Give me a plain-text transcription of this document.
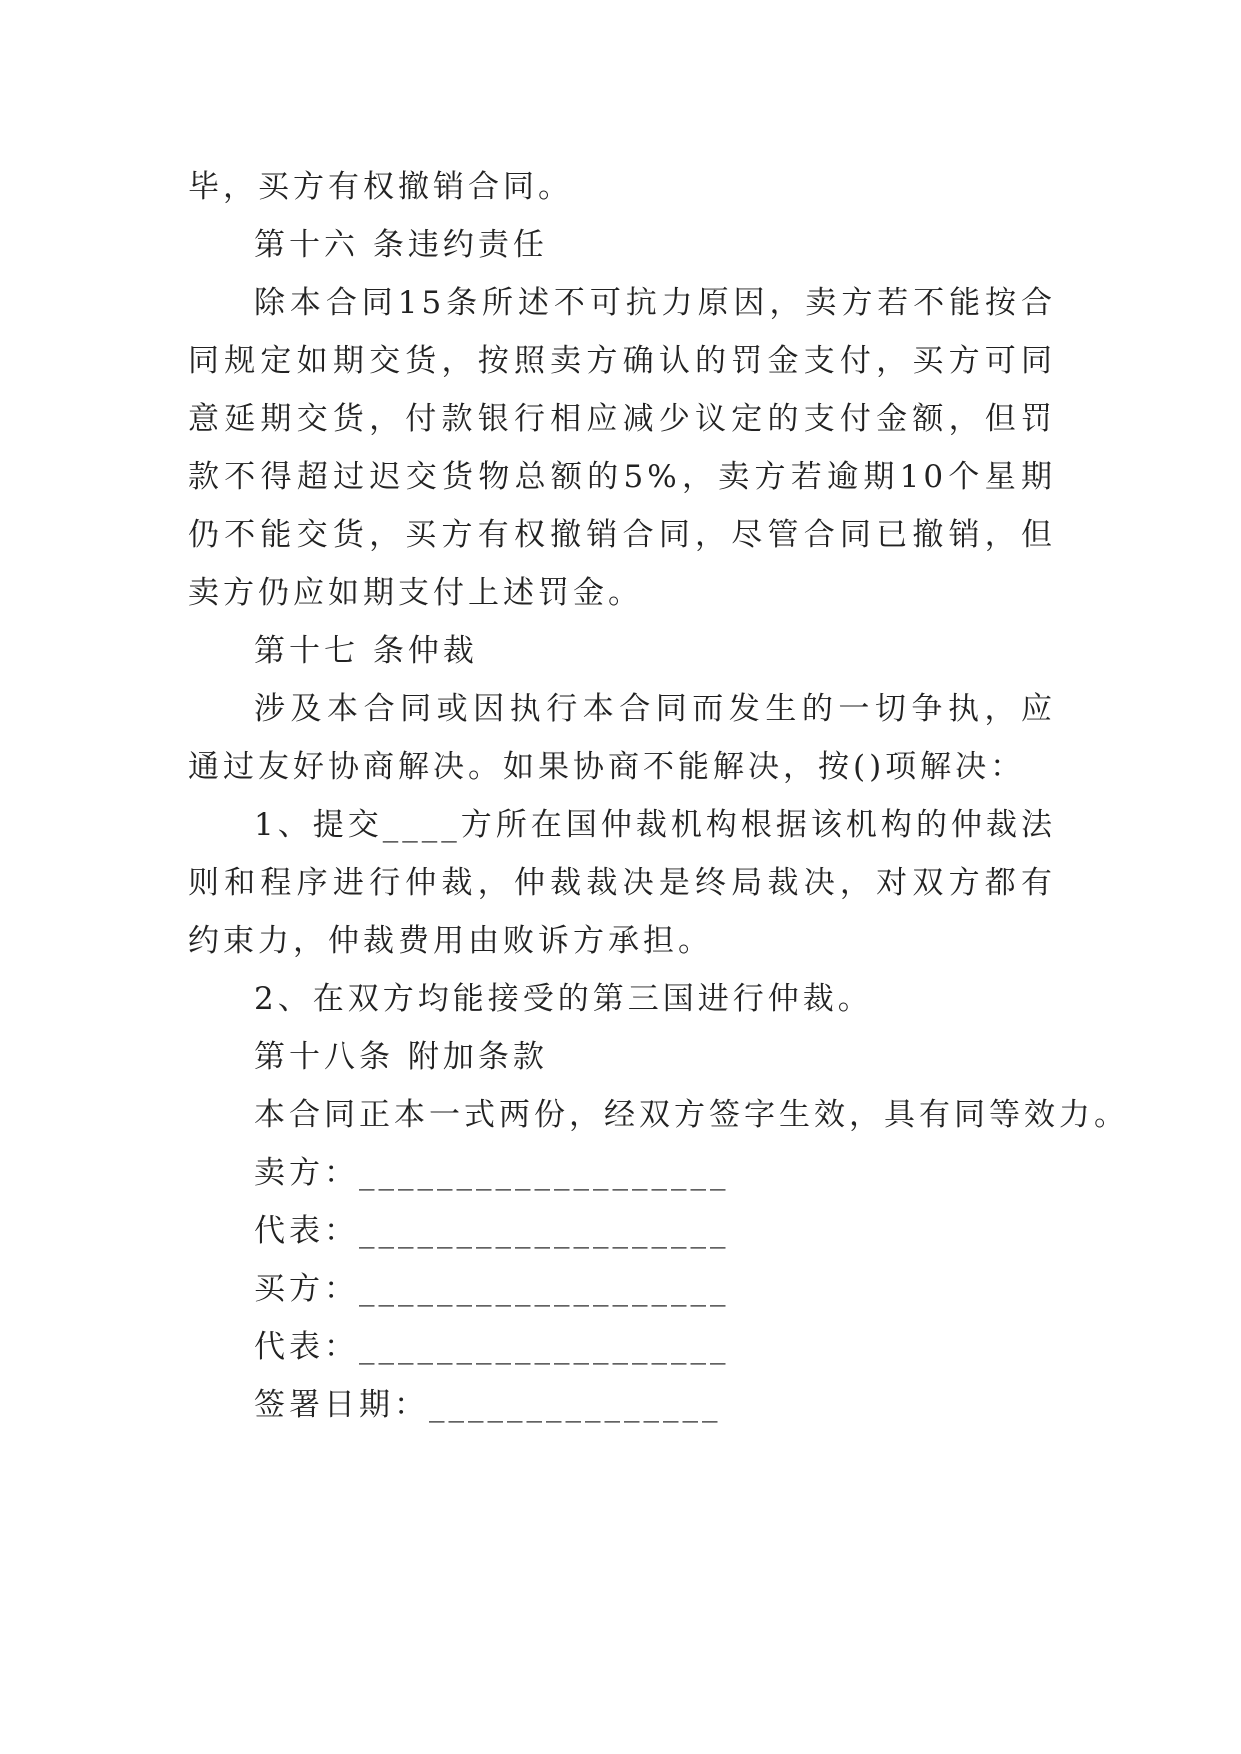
毕，买方有权撤销合同。

第十六 条违约责任

除本合同15条所述不可抗力原因，卖方若不能按合同规定如期交货，按照卖方确认的罚金支付，买方可同意延期交货，付款银行相应减少议定的支付金额，但罚款不得超过迟交货物总额的5%，卖方若逾期10个星期仍不能交货，买方有权撤销合同，尽管合同已撤销，但卖方仍应如期支付上述罚金。

第十七 条仲裁

涉及本合同或因执行本合同而发生的一切争执，应通过友好协商解决。如果协商不能解决，按()项解决：

1、提交____方所在国仲裁机构根据该机构的仲裁法则和程序进行仲裁，仲裁裁决是终局裁决，对双方都有约束力，仲裁费用由败诉方承担。

2、在双方均能接受的第三国进行仲裁。

第十八条 附加条款

本合同正本一式两份，经双方签字生效，具有同等效力。

卖方：___________________

代表：___________________

买方：___________________

代表：___________________

签署日期：_______________
